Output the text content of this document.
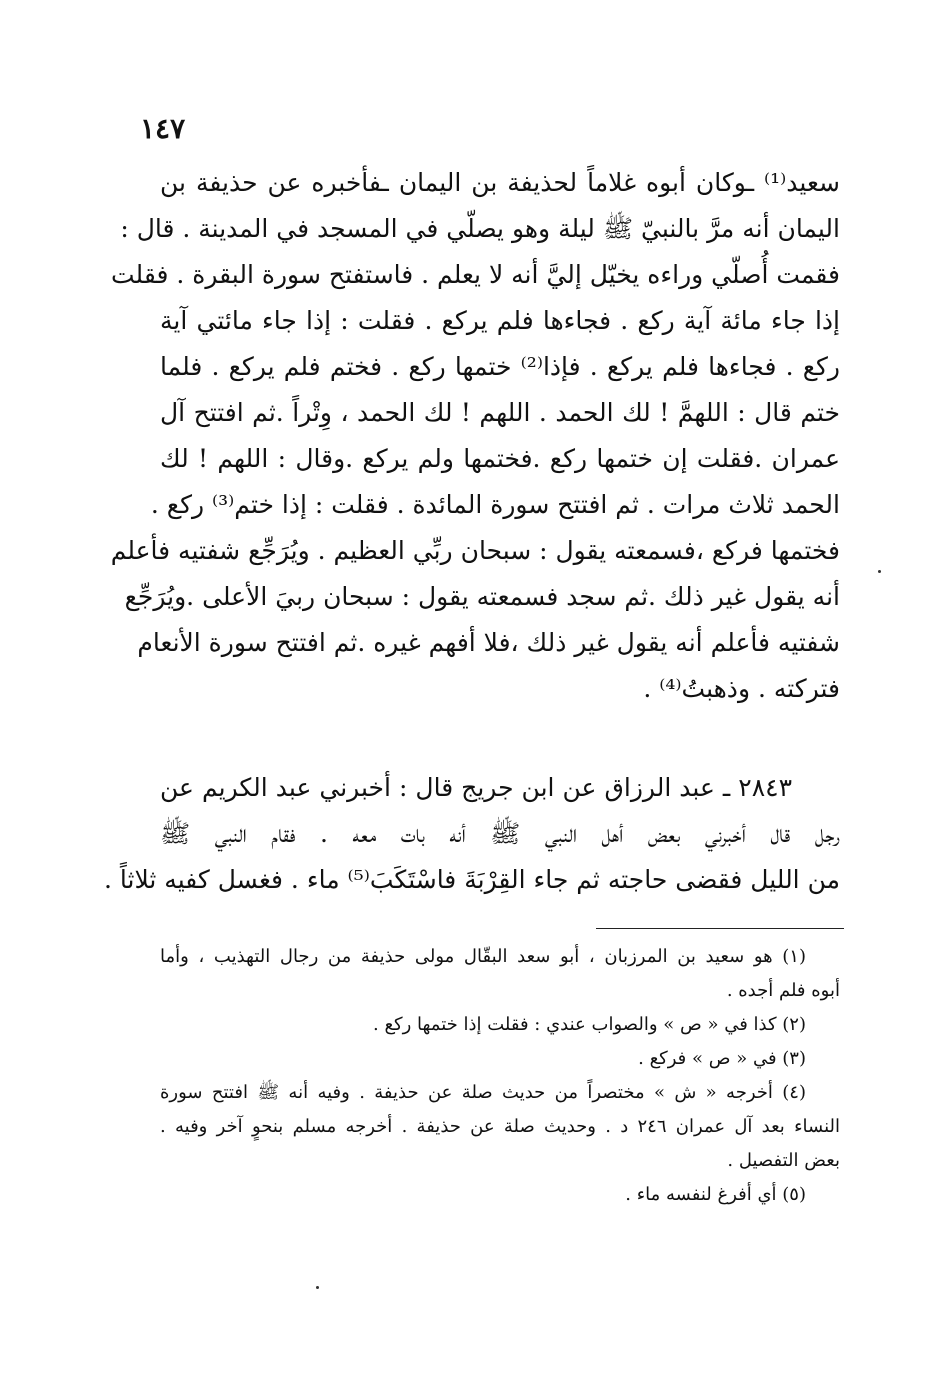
١٤٧
سعيد⁽¹⁾ ـوكان أبوه غلاماً لحذيفة بن اليمان ـفأخبره عن حذيفة بن
اليمان أنه مرَّ بالنبيّ ﷺ ليلة وهو يصلّي في المسجد في المدينة . قال :
فقمت أُصلّي وراءه يخيّل إليَّ أنه لا يعلم . فاستفتح سورة البقرة . فقلت
إذا جاء مائة آية ركع . فجاءها فلم يركع . فقلت : إذا جاء مائتي آية
ركع . فجاءها فلم يركع . فإذا⁽²⁾ ختمها ركع . فختم فلم يركع . فلما
ختم قال : اللهمَّ ! لك الحمد . اللهم ! لك الحمد ، وِتْراً .ثم افتتح آل
عمران .فقلت إن ختمها ركع .فختمها ولم يركع .وقال : اللهم ! لك
الحمد ثلاث مرات . ثم افتتح سورة المائدة . فقلت : إذا ختم⁽³⁾ ركع .
فختمها فركع ،فسمعته يقول : سبحان ربِّي العظيم . ويُرَجِّع شفتيه فأعلم
أنه يقول غير ذلك .ثم سجد فسمعته يقول : سبحان ربيَ الأعلى .ويُرَجِّع
شفتيه فأعلم أنه يقول غير ذلك ،فلا أفهم غيره .ثم افتتح سورة الأنعام
فتركته . وذهبتُ⁽⁴⁾ .
٢٨٤٣ ـ عبد الرزاق عن ابن جريج قال : أخبرني عبد الكريم عن
رجل قال أخبرني بعض أهل النبي ﷺ أنه بات معه . فقام النبي ﷺ
من الليل فقضى حاجته ثم جاء القِرْبَةَ فاسْتَكَبَ⁽⁵⁾ ماء . فغسل كفيه ثلاثاً .
(١) هو سعيد بن المرزبان ، أبو سعد البقّال مولى حذيفة من رجال التهذيب ، وأما
أبوه فلم أجده .
(٢) كذا في « ص » والصواب عندي : فقلت إذا ختمها ركع .
(٣) في « ص » فركع .
(٤) أخرجه « ش » مختصراً من حديث صلة عن حذيفة . وفيه أنه ﷺ افتتح سورة
النساء بعد آل عمران ٢٤٦ د . وحديث صلة عن حذيفة . أخرجه مسلم بنحوٍ آخر وفيه .
بعض التفصيل .
(٥) أي أفرغ لنفسه ماء .
